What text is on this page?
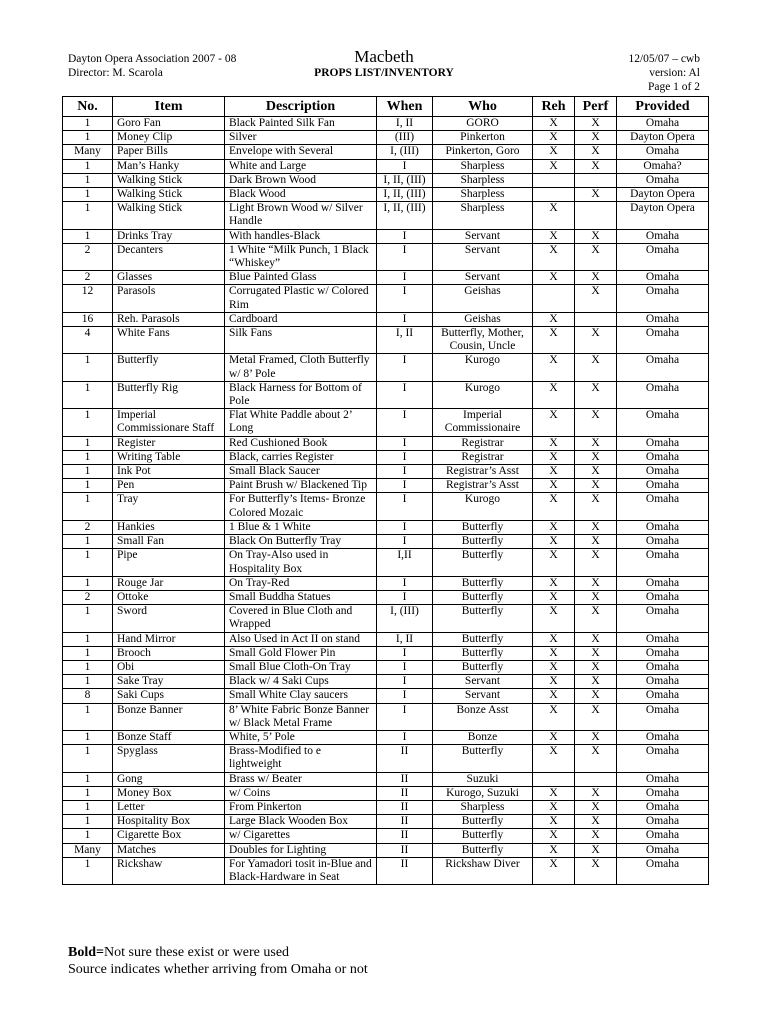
Dayton Opera Association 2007 - 08
Director: M. Scarola
Macbeth
PROPS LIST/INVENTORY
12/05/07 – cwb
version: Al
Page 1 of 2
No.	Item	Description	When	Who	Reh	Perf	Provided
1	Goro Fan	Black Painted Silk Fan	I, II	GORO	X	X	Omaha
1	Money Clip	Silver	(III)	Pinkerton	X	X	Dayton Opera
Many	Paper Bills	Envelope with Several	I, (III)	Pinkerton, Goro	X	X	Omaha
1	Man’s Hanky	White and Large	I	Sharpless	X	X	Omaha?
1	Walking Stick	Dark Brown Wood	I, II, (III)	Sharpless			Omaha
1	Walking Stick	Black Wood	I, II, (III)	Sharpless		X	Dayton Opera
1	Walking Stick	Light Brown Wood w/ Silver Handle	I, II, (III)	Sharpless	X		Dayton Opera
1	Drinks Tray	With handles-Black	I	Servant	X	X	Omaha
2	Decanters	1 White “Milk Punch, 1 Black “Whiskey”	I	Servant	X	X	Omaha
2	Glasses	Blue Painted Glass	I	Servant	X	X	Omaha
12	Parasols	Corrugated Plastic w/ Colored Rim	I	Geishas		X	Omaha
16	Reh. Parasols	Cardboard	I	Geishas	X		Omaha
4	White Fans	Silk Fans	I, II	Butterfly, Mother, Cousin, Uncle	X	X	Omaha
1	Butterfly	Metal Framed, Cloth Butterfly w/ 8’ Pole	I	Kurogo	X	X	Omaha
1	Butterfly Rig	Black Harness for Bottom of Pole	I	Kurogo	X	X	Omaha
1	Imperial Commissionare Staff	Flat White Paddle about 2’ Long	I	Imperial Commissionaire	X	X	Omaha
1	Register	Red Cushioned Book	I	Registrar	X	X	Omaha
1	Writing Table	Black, carries Register	I	Registrar	X	X	Omaha
1	Ink Pot	Small Black Saucer	I	Registrar’s Asst	X	X	Omaha
1	Pen	Paint Brush w/ Blackened Tip	I	Registrar’s Asst	X	X	Omaha
1	Tray	For Butterfly’s Items- Bronze Colored Mozaic	I	Kurogo	X	X	Omaha
2	Hankies	1 Blue & 1 White	I	Butterfly	X	X	Omaha
1	Small Fan	Black On Butterfly Tray	I	Butterfly	X	X	Omaha
1	Pipe	On Tray-Also used in Hospitality Box	I,II	Butterfly	X	X	Omaha
1	Rouge Jar	On Tray-Red	I	Butterfly	X	X	Omaha
2	Ottoke	Small Buddha Statues	I	Butterfly	X	X	Omaha
1	Sword	Covered in Blue Cloth and Wrapped	I, (III)	Butterfly	X	X	Omaha
1	Hand Mirror	Also Used in Act II on stand	I, II	Butterfly	X	X	Omaha
1	Brooch	Small Gold Flower Pin	I	Butterfly	X	X	Omaha
1	Obi	Small Blue Cloth-On Tray	I	Butterfly	X	X	Omaha
1	Sake Tray	Black w/ 4 Saki Cups	I	Servant	X	X	Omaha
8	Saki Cups	Small White Clay saucers	I	Servant	X	X	Omaha
1	Bonze Banner	8’ White Fabric Bonze Banner w/ Black Metal Frame	I	Bonze Asst	X	X	Omaha
1	Bonze Staff	White, 5’ Pole	I	Bonze	X	X	Omaha
1	Spyglass	Brass-Modified to e lightweight	II	Butterfly	X	X	Omaha
1	Gong	Brass w/ Beater	II	Suzuki			Omaha
1	Money Box	w/ Coins	II	Kurogo, Suzuki	X	X	Omaha
1	Letter	From Pinkerton	II	Sharpless	X	X	Omaha
1	Hospitality Box	Large Black Wooden Box	II	Butterfly	X	X	Omaha
1	Cigarette Box	w/ Cigarettes	II	Butterfly	X	X	Omaha
Many	Matches	Doubles for Lighting	II	Butterfly	X	X	Omaha
1	Rickshaw	For Yamadori tosit in-Blue and Black-Hardware in Seat	II	Rickshaw Diver	X	X	Omaha
Bold=Not sure these exist or were used
Source indicates whether arriving from Omaha or not
